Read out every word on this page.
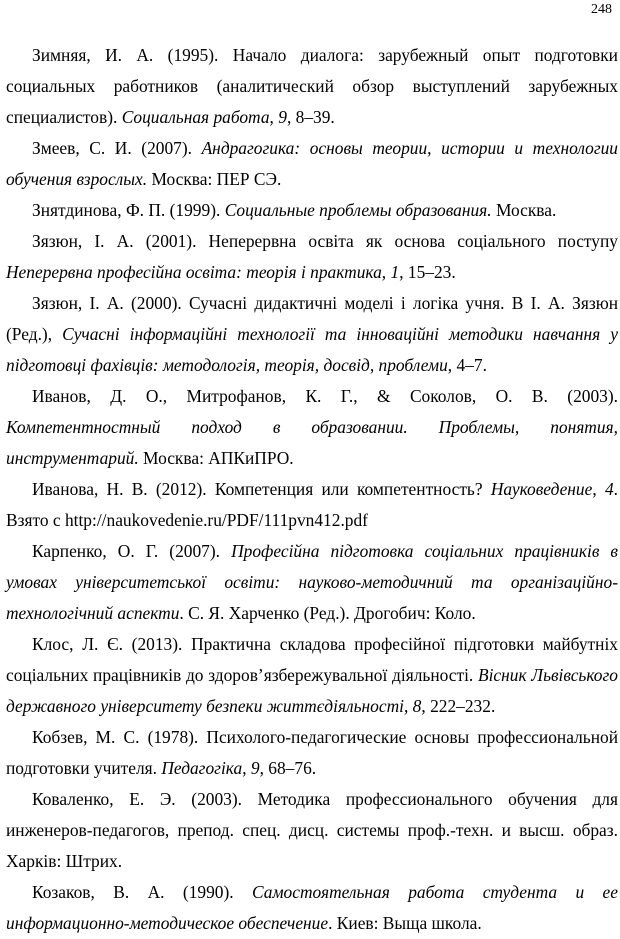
248

Зимняя, И. А. (1995). Начало диалога: зарубежный опыт подготовки социальных работников (аналитический обзор выступлений зарубежных специалистов). Социальная работа, 9, 8–39.

Змеев, С. И. (2007). Андрагогика: основы теории, истории и технологии обучения взрослых. Москва: ПЕР СЭ.

Знятдинова, Ф. П. (1999). Социальные проблемы образования. Москва.

Зязюн, І. А. (2001). Неперервна освіта як основа соціального поступу Неперервна професійна освіта: теорія і практика, 1, 15–23.

Зязюн, І. А. (2000). Сучасні дидактичні моделі і логіка учня. В І. А. Зязюн (Ред.), Сучасні інформаційні технології та інноваційні методики навчання у підготовці фахівців: методологія, теорія, досвід, проблеми, 4–7.

Иванов, Д. О., Митрофанов, К. Г., & Соколов, О. В. (2003). Компетентностный подход в образовании. Проблемы, понятия, инструментарий. Москва: АПКиПРО.

Иванова, Н. В. (2012). Компетенция или компетентность? Науковедение, 4. Взято с http://naukovedenie.ru/PDF/111pvn412.pdf

Карпенко, О. Г. (2007). Професійна підготовка соціальних працівників в умовах університетської освіти: науково-методичний та організаційно-технологічний аспекти. С. Я. Харченко (Ред.). Дрогобич: Коло.

Клос, Л. Є. (2013). Практична складова професійної підготовки майбутніх соціальних працівників до здоров’язбережувальної діяльності. Вісник Львівського державного університету безпеки життєдіяльності, 8, 222–232.

Кобзев, М. С. (1978). Психолого-педагогические основы профессиональной подготовки учителя. Педагогіка, 9, 68–76.

Коваленко, Е. Э. (2003). Методика профессионального обучения для инженеров-педагогов, препод. спец. дисц. системы проф.-техн. и высш. образ. Харків: Штрих.

Козаков, В. А. (1990). Самостоятельная работа студента и ее информационно-методическое обеспечение. Киев: Выща школа.
